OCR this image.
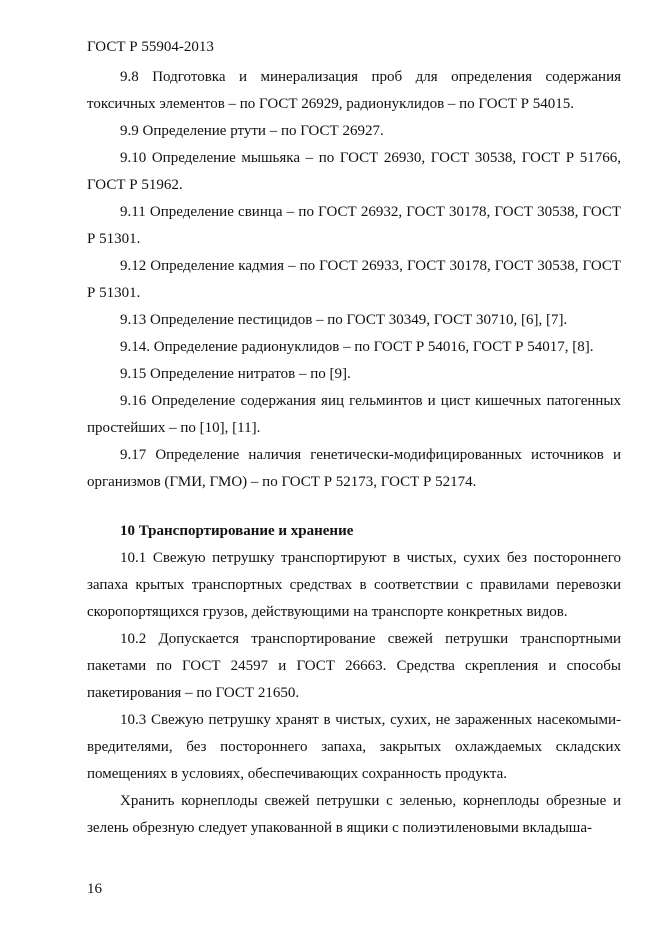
ГОСТ Р 55904-2013

9.8 Подготовка и минерализация проб для определения содержания токсичных элементов – по ГОСТ 26929, радионуклидов – по ГОСТ Р 54015.

9.9 Определение ртути – по ГОСТ 26927.

9.10 Определение мышьяка – по ГОСТ 26930, ГОСТ 30538, ГОСТ Р 51766, ГОСТ Р 51962.

9.11 Определение свинца – по ГОСТ 26932, ГОСТ 30178, ГОСТ 30538, ГОСТ Р 51301.

9.12 Определение кадмия – по ГОСТ 26933, ГОСТ 30178, ГОСТ 30538, ГОСТ Р 51301.

9.13 Определение пестицидов – по ГОСТ 30349, ГОСТ 30710, [6], [7].

9.14. Определение радионуклидов – по ГОСТ Р 54016, ГОСТ Р 54017, [8].

9.15 Определение нитратов – по [9].

9.16 Определение содержания яиц гельминтов и цист кишечных патогенных простейших – по [10], [11].

9.17 Определение наличия генетически-модифицированных источников и организмов (ГМИ, ГМО) – по ГОСТ Р 52173, ГОСТ Р 52174.

10 Транспортирование и хранение

10.1 Свежую петрушку транспортируют в чистых, сухих без постороннего запаха крытых транспортных средствах в соответствии с правилами перевозки скоропортящихся грузов, действующими на транспорте конкретных видов.

10.2 Допускается транспортирование свежей петрушки транспортными пакетами по ГОСТ 24597 и ГОСТ 26663. Средства скрепления и способы пакетирования – по ГОСТ 21650.

10.3 Свежую петрушку хранят в чистых, сухих, не зараженных насекомыми-вредителями, без постороннего запаха, закрытых охлаждаемых складских помещениях в условиях, обеспечивающих сохранность продукта.

Хранить корнеплоды свежей петрушки с зеленью, корнеплоды обрезные и зелень обрезную следует упакованной в ящики с полиэтиленовыми вкладыша-

16
